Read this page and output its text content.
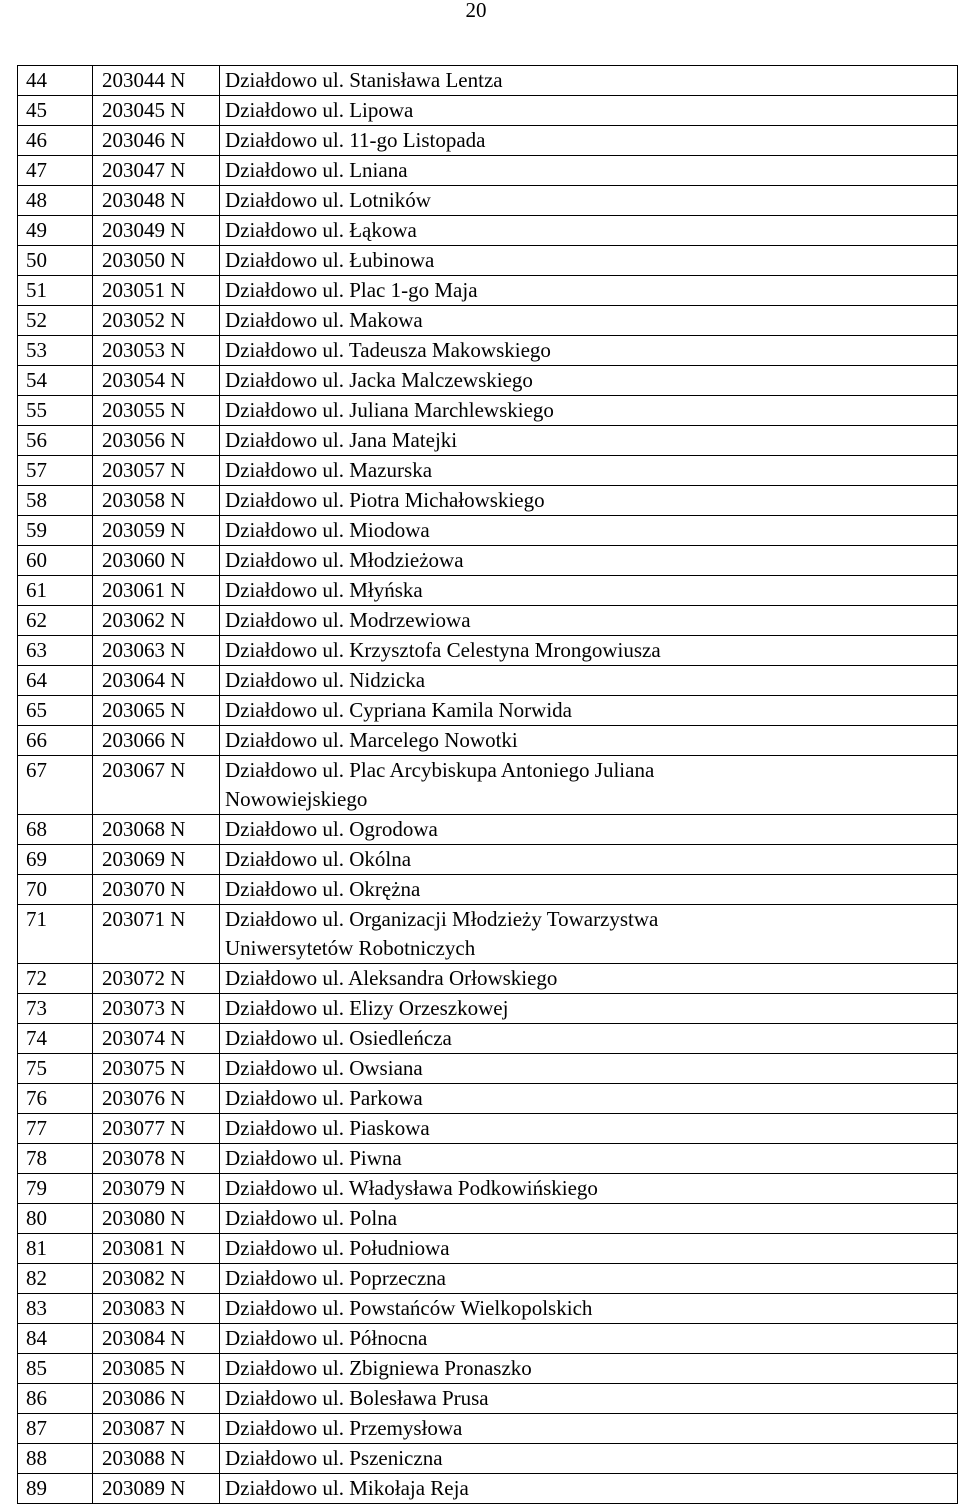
20
44	203044 N	Działdowo ul. Stanisława Lentza

45	203045 N	Działdowo ul. Lipowa

46	203046 N	Działdowo ul. 11-go Listopada

47	203047 N	Działdowo ul. Lniana

48	203048 N	Działdowo ul. Lotników

49	203049 N	Działdowo ul. Łąkowa

50	203050 N	Działdowo ul. Łubinowa

51	203051 N	Działdowo ul. Plac 1-go Maja

52	203052 N	Działdowo ul. Makowa

53	203053 N	Działdowo ul. Tadeusza Makowskiego

54	203054 N	Działdowo ul. Jacka Malczewskiego

55	203055 N	Działdowo ul. Juliana Marchlewskiego

56	203056 N	Działdowo ul. Jana Matejki

57	203057 N	Działdowo ul. Mazurska

58	203058 N	Działdowo ul. Piotra Michałowskiego

59	203059 N	Działdowo ul. Miodowa

60	203060 N	Działdowo ul. Młodzieżowa

61	203061 N	Działdowo ul. Młyńska

62	203062 N	Działdowo ul. Modrzewiowa

63	203063 N	Działdowo ul. Krzysztofa Celestyna Mrongowiusza

64	203064 N	Działdowo ul. Nidzicka

65	203065 N	Działdowo ul. Cypriana Kamila Norwida

66	203066 N	Działdowo ul. Marcelego Nowotki

67	203067 N	Działdowo ul. Plac Arcybiskupa Antoniego Juliana
Nowowiejskiego

68	203068 N	Działdowo ul. Ogrodowa

69	203069 N	Działdowo ul. Okólna

70	203070 N	Działdowo ul. Okrężna

71	203071 N	Działdowo ul. Organizacji Młodzieży Towarzystwa
Uniwersytetów Robotniczych

72	203072 N	Działdowo ul. Aleksandra Orłowskiego

73	203073 N	Działdowo ul. Elizy Orzeszkowej

74	203074 N	Działdowo ul. Osiedleńcza

75	203075 N	Działdowo ul. Owsiana

76	203076 N	Działdowo ul. Parkowa

77	203077 N	Działdowo ul. Piaskowa

78	203078 N	Działdowo ul. Piwna

79	203079 N	Działdowo ul. Władysława Podkowińskiego

80	203080 N	Działdowo ul. Polna

81	203081 N	Działdowo ul. Południowa

82	203082 N	Działdowo ul. Poprzeczna

83	203083 N	Działdowo ul. Powstańców Wielkopolskich

84	203084 N	Działdowo ul. Północna

85	203085 N	Działdowo ul. Zbigniewa Pronaszko

86	203086 N	Działdowo ul. Bolesława Prusa

87	203087 N	Działdowo ul. Przemysłowa

88	203088 N	Działdowo ul. Pszeniczna

89	203089 N	Działdowo ul. Mikołaja Reja
